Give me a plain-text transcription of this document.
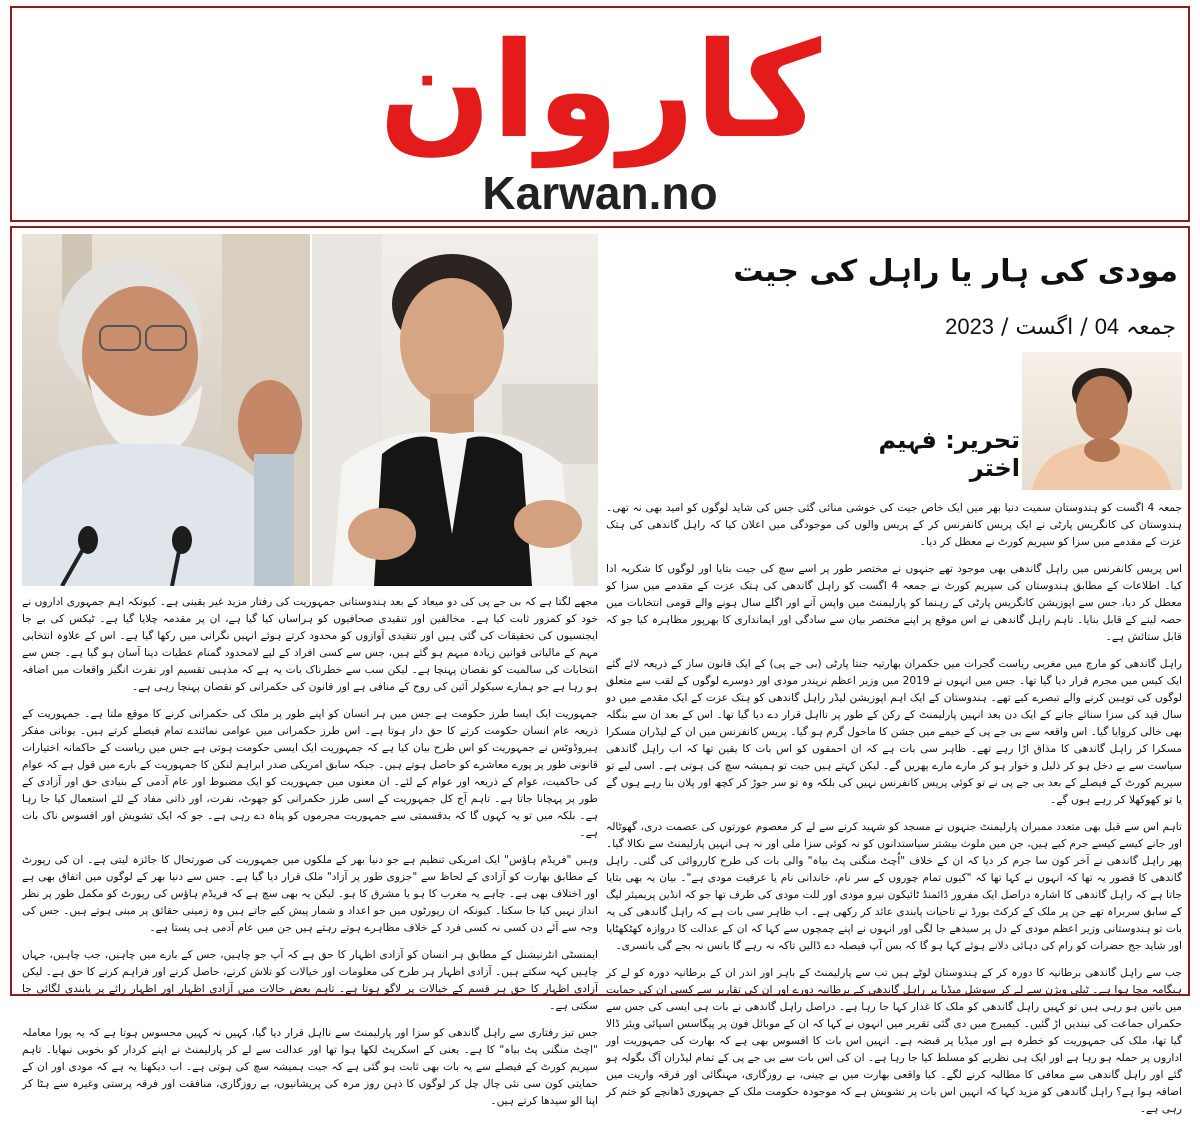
کاروان
Karwan.no
مودی کی ہار یا راہل کی جیت
جمعہ 04 / اگست / 2023
تحریر: فہیم اختر

جمعہ 4 اگست کو ہندوستان سمیت دنیا بھر میں ایک خاص جیت کی خوشی منائی گئی جس کی شاید لوگوں کو امید بھی نہ تھی۔ ہندوستان کی کانگریس پارٹی نے ایک پریس کانفرنس کر کے پریس والوں کی موجودگی میں اعلان کیا کہ راہل گاندھی کی ہتک عزت کے مقدمے میں سزا کو سپریم کورٹ نے معطل کر دیا۔

اس پریس کانفرنس میں راہل گاندھی بھی موجود تھے جنہوں نے مختصر طور پر اسے سچ کی جیت بتایا اور لوگوں کا شکریہ ادا کیا۔ اطلاعات کے مطابق ہندوستان کی سپریم کورٹ نے جمعہ 4 اگست کو راہل گاندھی کی ہتک عزت کے مقدمے میں سزا کو معطل کر دیا، جس سے اپوزیشن کانگریس پارٹی کے رہنما کو پارلیمنٹ میں واپس آنے اور اگلے سال ہونے والے قومی انتخابات میں حصہ لینے کے قابل بنایا۔ تاہم راہل گاندھی نے اس موقع پر اپنے مختصر بیان سے سادگی اور ایمانداری کا بھرپور مظاہرہ کیا جو کہ قابل ستائش ہے۔

راہل گاندھی کو مارچ میں مغربی ریاست گجرات میں حکمران بھارتیہ جنتا پارٹی (بی جے پی) کے ایک قانون ساز کے ذریعہ لائے گئے ایک کیس میں مجرم قرار دیا گیا تھا۔ جس میں انہوں نے 2019 میں وزیر اعظم نریندر مودی اور دوسرے لوگوں کے لقب سے متعلق لوگوں کی توہین کرنے والے تبصرے کیے تھے۔ ہندوستان کے ایک اہم اپوزیشن لیڈر راہل گاندھی کو ہتک عزت کے ایک مقدمے میں دو سال قید کی سزا سنائے جانے کے ایک دن بعد انہیں پارلیمنٹ کے رکن کے طور پر نااہل قرار دے دیا گیا تھا۔ اس کے بعد ان سے بنگلہ بھی خالی کروایا گیا۔ اس واقعہ سے بی جے پی کے خیمے میں جشن کا ماحول گرم ہو گیا۔ پریس کانفرنس میں ان کے لیڈران مسکرا مسکرا کر راہل گاندھی کا مذاق اڑا رہے تھے۔ ظاہر سی بات ہے کہ ان احمقوں کو اس بات کا یقین تھا کہ اب راہل گاندھی سیاست سے بے دخل ہو کر ذلیل و خوار ہو کر مارے مارے پھریں گے۔ لیکن کہتے ہیں جیت تو ہمیشہ سچ کی ہوتی ہے۔ اسی لیے تو سپریم کورٹ کے فیصلے کے بعد بی جے پی نے تو کوئی پریس کانفرنس نہیں کی بلکہ وہ تو سر جوڑ کر کچھ اور پلان بنا رہے ہوں گے یا تو کھوکھلا کر رہے ہوں گے۔

تاہم اس سے قبل بھی متعدد ممبران پارلیمنٹ جنہوں نے مسجد کو شہید کرنے سے لے کر معصوم عورتوں کی عصمت دری، گھوٹالہ اور جانے کیسے کیسے جرم کیے ہیں، جن میں ملوث بیشتر سیاستدانوں کو نہ کوئی سزا ملی اور نہ ہی انہیں پارلیمنٹ سے نکالا گیا۔ پھر راہل گاندھی نے آخر کون سا جرم کر دیا کہ ان کے خلاف "اُچٹ منگنی پٹ بیاہ" والی بات کی طرح کارروائی کی گئی۔ راہل گاندھی کا قصور یہ تھا کہ انہوں نے کہا تھا کہ "کیوں تمام چوروں کے سر نام، خاندانی نام یا عرفیت مودی ہے"۔ بیان یہ بھی بتایا جاتا ہے کہ راہل گاندھی کا اشارہ دراصل ایک مفرور ڈائمنڈ ٹائیکون نیرو مودی اور للت مودی کی طرف تھا جو کہ انڈین پریمیئر لیگ کے سابق سربراہ تھے جن پر ملک کے کرکٹ بورڈ نے تاحیات پابندی عائد کر رکھی ہے۔ اب ظاہر سی بات ہے کہ راہل گاندھی کی یہ بات تو ہندوستانی وزیر اعظم مودی کے دل پر سیدھے جا لگی اور انہوں نے اپنے چمچوں سے کہا کہ ان کے عدالت کا دروازہ کھٹکھٹایا اور شاید جج حضرات کو رام کی دہائی دلانے ہوئے کہا ہو گا کہ بس آپ فیصلہ دے ڈالیں تاکہ نہ رہے گا بانس نہ بجے گی بانسری۔

جب سے راہل گاندھی برطانیہ کا دورہ کر کے ہندوستان لوٹے ہیں تب سے پارلیمنٹ کے باہر اور اندر ان کے برطانیہ دورہ کو لے کر ہنگامہ مچا ہوا ہے۔ ٹیلی ویژن سے لے کر سوشل میڈیا پر راہل گاندھی کے برطانیہ دورے اور ان کی تقاریر سے کسی ان کی حمایت میں باتیں ہو رہی ہیں تو کہیں راہل گاندھی کو ملک کا غدار کہا جا رہا ہے۔ دراصل راہل گاندھی نے بات ہی ایسی کی جس سے حکمراں جماعت کی نیندیں اڑ گئیں۔ کیمبرج میں دی گئی تقریر میں انہوں نے کہا کہ ان کے موبائل فون پر پیگاسس اسپائی ویئر ڈالا گیا تھا، ملک کی جمہوریت کو خطرہ ہے اور میڈیا پر قبضہ ہے۔ انہیں اس بات کا افسوس بھی ہے کہ بھارت کی جمہوریت اور اداروں پر حملہ ہو رہا ہے اور ایک ہی نظریے کو مسلط کیا جا رہا ہے۔ ان کی اس بات سے بی جے پی کے تمام لیڈران آگ بگولہ ہو گئے اور راہل گاندھی سے معافی کا مطالبہ کرنے لگے۔ کیا واقعی بھارت میں بے چینی، بے روزگاری، مہنگائی اور فرقہ واریت میں اضافہ ہوا ہے؟ راہل گاندھی کو مزید کہا کہ انہیں اس بات پر تشویش ہے کہ موجودہ حکومت ملک کے جمہوری ڈھانچے کو ختم کر رہی ہے۔

مجھے لگتا ہے کہ بی جے پی کی دو میعاد کے بعد ہندوستانی جمہوریت کی رفتار مزید غیر یقینی ہے۔ کیونکہ اہم جمہوری اداروں نے خود کو کمزور ثابت کیا ہے۔ مخالفین اور تنقیدی صحافیوں کو ہراساں کیا گیا ہے، ان پر مقدمہ چلایا گیا ہے۔ ٹیکس کی بے جا ایجنسیوں کی تحقیقات کی گئی ہیں اور تنقیدی آوازوں کو محدود کرتے ہوئے انہیں نگرانی میں رکھا گیا ہے۔ اس کے علاوہ انتخابی مہم کے مالیاتی قوانین زیادہ مبہم ہو گئے ہیں، جس سے کسی افراد کے لیے لامحدود گمنام عطیات دینا آسان ہو گیا ہے۔ جس سے انتخابات کی سالمیت کو نقصان پہنچا ہے۔ لیکن سب سے خطرناک بات یہ ہے کہ مذہبی تقسیم اور نفرت انگیز واقعات میں اضافہ ہو رہا ہے جو ہمارے سیکولر آئین کی روح کے منافی ہے اور قانون کی حکمرانی کو نقصان پہنچا رہی ہے۔

جمہوریت ایک ایسا طرز حکومت ہے جس میں ہر انسان کو اپنے طور پر ملک کی حکمرانی کرنے کا موقع ملتا ہے۔ جمہوریت کے ذریعہ عام انسان حکومت کرنے کا حق دار ہوتا ہے۔ اس طرز حکمرانی میں عوامی نمائندے تمام فیصلے کرتے ہیں۔ یونانی مفکر ہیروڈوٹس نے جمہوریت کو اس طرح بیان کیا ہے کہ جمہوریت ایک ایسی حکومت ہوتی ہے جس میں ریاست کے حاکمانہ اختیارات قانونی طور پر پورے معاشرے کو حاصل ہوتے ہیں۔ جبکہ سابق امریکی صدر ابراہم لنکن کا جمہوریت کے بارے میں قول ہے کہ عوام کی حاکمیت، عوام کے ذریعہ اور عوام کے لئے۔ ان معنوں میں جمہوریت کو ایک مضبوط اور عام آدمی کے بنیادی حق اور آزادی کے طور پر پہچانا جاتا ہے۔ تاہم آج کل جمہوریت کے اسی طرز حکمرانی کو جھوٹ، نفرت، اور ذاتی مفاد کے لئے استعمال کیا جا رہا ہے۔ بلکہ میں تو یہ کہوں گا کہ بدقسمتی سے جمہوریت مجرموں کو پناہ دے رہی ہے۔ جو کہ ایک تشویش اور افسوس ناک بات ہے۔

وہیں "فریڈم ہاؤس" ایک امریکی تنظیم ہے جو دنیا بھر کے ملکوں میں جمہوریت کی صورتحال کا جائزہ لیتی ہے۔ ان کی رپورٹ کے مطابق بھارت کو آزادی کے لحاظ سے "جزوی طور پر آزاد" ملک قرار دیا گیا ہے۔ جس سے دنیا بھر کے لوگوں میں اتفاق بھی ہے اور اختلاف بھی ہے۔ چاہے یہ مغرب کا ہو یا مشرق کا ہو۔ لیکن یہ بھی سچ ہے کہ فریڈم ہاؤس کی رپورٹ کو مکمل طور پر نظر انداز نہیں کیا جا سکتا۔ کیونکہ ان رپورٹوں میں جو اعداد و شمار پیش کیے جاتے ہیں وہ زمینی حقائق پر مبنی ہوتے ہیں۔ جس کی وجہ سے آئے دن کسی نہ کسی فرد کے خلاف مظاہرے ہوتے رہتے ہیں جن میں عام آدمی ہی پستا ہے۔

ایمنسٹی انٹرنیشنل کے مطابق ہر انسان کو آزادی اظہار کا حق ہے کہ آپ جو چاہیں، جس کے بارے میں چاہیں، جب چاہیں، جہاں چاہیں کہہ سکتے ہیں۔ آزادی اظہار ہر طرح کی معلومات اور خیالات کو تلاش کرنے، حاصل کرنے اور فراہم کرنے کا حق ہے۔ لیکن آزادی اظہار کا حق ہر قسم کے خیالات پر لاگو ہوتا ہے۔ تاہم بعض حالات میں آزادی اظہار اور اظہار رائے پر پابندی لگائی جا سکتی ہے۔

جس تیز رفتاری سے راہل گاندھی کو سزا اور پارلیمنٹ سے نااہل قرار دیا گیا، کہیں نہ کہیں محسوس ہوتا ہے کہ یہ پورا معاملہ "اچٹ منگنی پٹ بیاہ" کا ہے۔ یعنی کے اسکرپٹ لکھا ہوا تھا اور عدالت سے لے کر پارلیمنٹ نے اپنے کردار کو بخوبی نبھایا۔ تاہم سپریم کورٹ کے فیصلے سے یہ بات بھی ثابت ہو گئی ہے کہ جیت ہمیشہ سچ کی ہوتی ہے۔ اب دیکھنا یہ ہے کہ مودی اور ان کے حمایتی کون سی نئی چال چل کر لوگوں کا ذہن روز مرہ کی پریشانیوں، بے روزگاری، منافقت اور فرقہ پرستی وغیرہ سے ہٹا کر اپنا الو سیدھا کرتے ہیں۔
